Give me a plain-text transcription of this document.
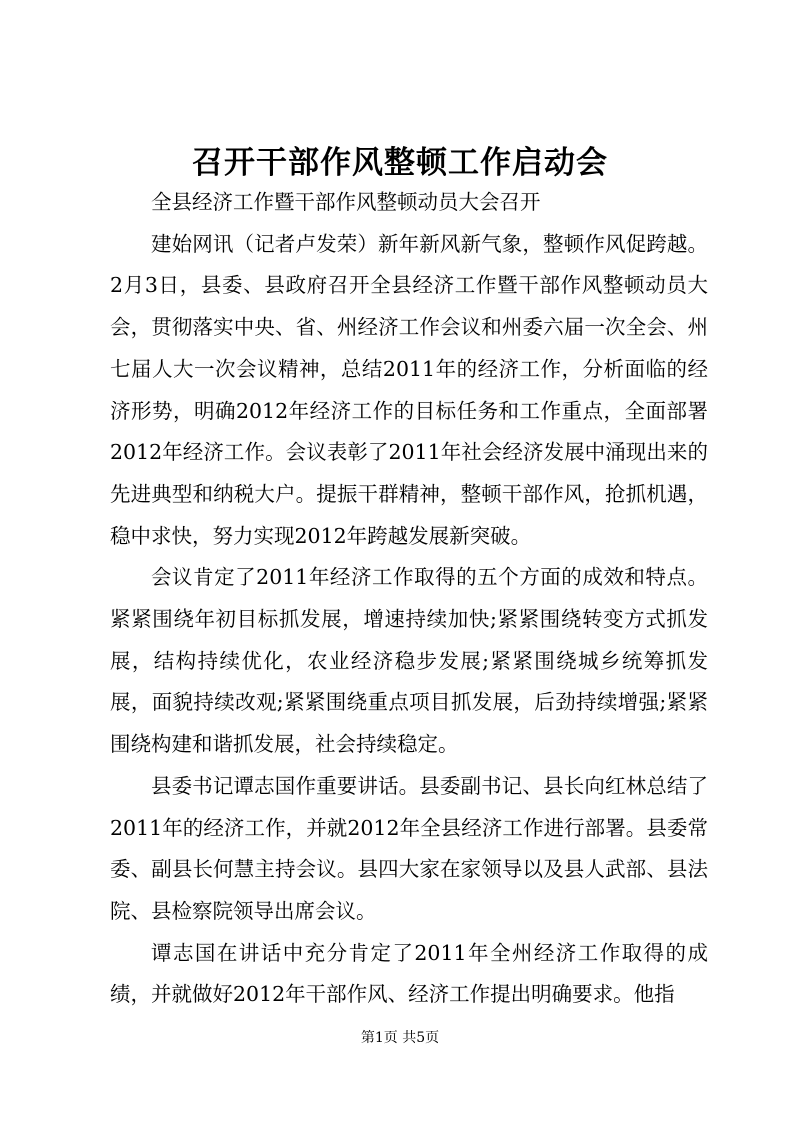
召开干部作风整顿工作启动会

全县经济工作暨干部作风整顿动员大会召开

建始网讯（记者卢发荣）新年新风新气象，整顿作风促跨越。2月3日，县委、县政府召开全县经济工作暨干部作风整顿动员大会，贯彻落实中央、省、州经济工作会议和州委六届一次全会、州七届人大一次会议精神，总结2011年的经济工作，分析面临的经济形势，明确2012年经济工作的目标任务和工作重点，全面部署2012年经济工作。会议表彰了2011年社会经济发展中涌现出来的先进典型和纳税大户。提振干群精神，整顿干部作风，抢抓机遇，稳中求快，努力实现2012年跨越发展新突破。

会议肯定了2011年经济工作取得的五个方面的成效和特点。紧紧围绕年初目标抓发展，增速持续加快;紧紧围绕转变方式抓发展，结构持续优化，农业经济稳步发展;紧紧围绕城乡统筹抓发展，面貌持续改观;紧紧围绕重点项目抓发展，后劲持续增强;紧紧围绕构建和谐抓发展，社会持续稳定。

县委书记谭志国作重要讲话。县委副书记、县长向红林总结了2011年的经济工作，并就2012年全县经济工作进行部署。县委常委、副县长何慧主持会议。县四大家在家领导以及县人武部、县法院、县检察院领导出席会议。

谭志国在讲话中充分肯定了2011年全州经济工作取得的成绩，并就做好2012年干部作风、经济工作提出明确要求。他指

第1页 共5页
